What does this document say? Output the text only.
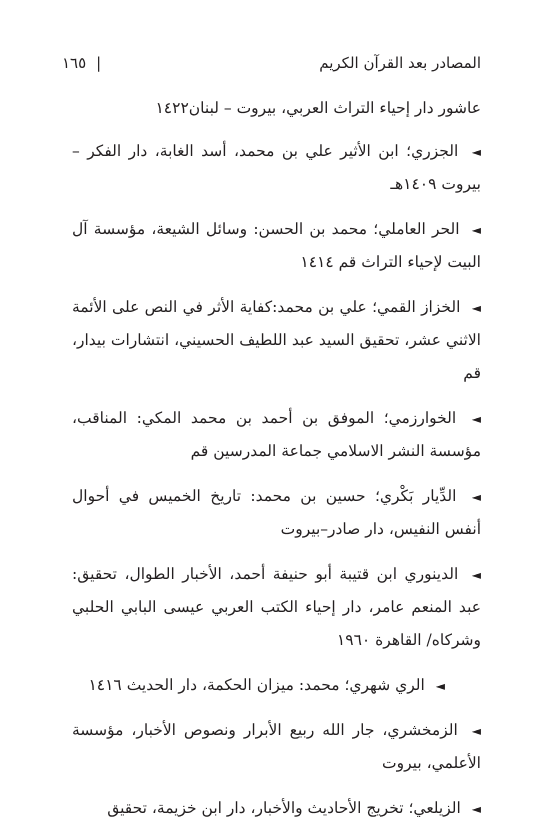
المصادر بعد القرآن الكريم
١٦٥ |

عاشور دار إحياء التراث العربي، بيروت – لبنان١٤٢٢

◄ الجزري؛ ابن الأثير علي بن محمد، أسد الغابة، دار الفكر – بيروت ١٤٠٩هـ

◄ الحر العاملي؛ محمد بن الحسن: وسائل الشيعة، مؤسسة آل البيت لإحياء التراث قم ١٤١٤

◄ الخزاز القمي؛ علي بن محمد:كفاية الأثر في النص على الأئمة الاثني عشر، تحقيق السيد عبد اللطيف الحسيني، انتشارات بيدار، قم

◄ الخوارزمي؛ الموفق بن أحمد بن محمد المكي: المناقب، مؤسسة النشر الاسلامي جماعة المدرسين قم

◄ الدِّيار بَكْري؛ حسين بن محمد: تاريخ الخميس في أحوال أنفس النفيس، دار صادر–بيروت

◄ الدينوري ابن قتيبة أبو حنيفة أحمد، الأخبار الطوال، تحقيق: عبد المنعم عامر، دار إحياء الكتب العربي عيسى البابي الحلبي وشركاه/ القاهرة ١٩٦٠

◄ الري شهري؛ محمد: ميزان الحكمة، دار الحديث ١٤١٦

◄ الزمخشري، جار الله ربيع الأبرار ونصوص الأخبار، مؤسسة الأعلمي، بيروت

◄ الزيلعي؛ تخريج الأحاديث والأخبار، دار ابن خزيمة، تحقيق
